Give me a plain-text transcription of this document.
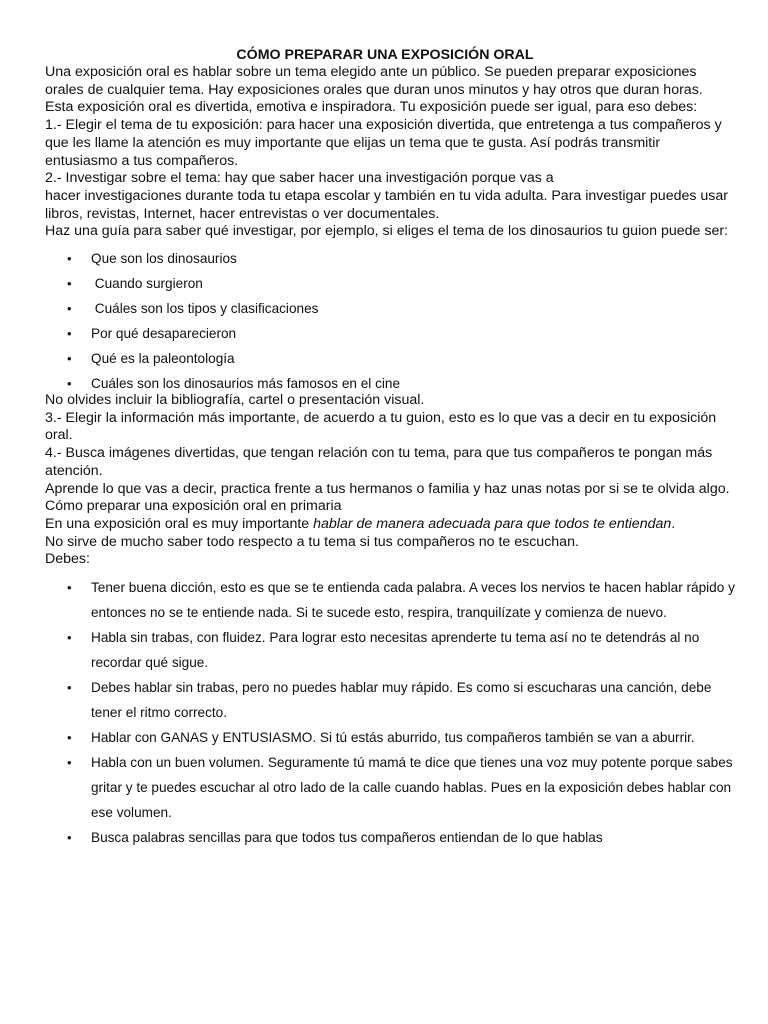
CÓMO PREPARAR UNA EXPOSICIÓN ORAL

Una exposición oral es hablar sobre un tema elegido ante un público. Se pueden preparar exposiciones orales de cualquier tema. Hay exposiciones orales que duran unos minutos y hay otros que duran horas.

Esta exposición oral es divertida, emotiva e inspiradora. Tu exposición puede ser igual, para eso debes:

1.- Elegir el tema de tu exposición: para hacer una exposición divertida, que entretenga a tus compañeros y que les llame la atención es muy importante que elijas un tema que te gusta. Así podrás transmitir entusiasmo a tus compañeros.

2.- Investigar sobre el tema: hay que saber hacer una investigación porque vas a

hacer investigaciones durante toda tu etapa escolar y también en tu vida adulta. Para investigar puedes usar libros, revistas, Internet, hacer entrevistas o ver documentales.

Haz una guía para saber qué investigar, por ejemplo, si eliges el tema de los dinosaurios tu guion puede ser:

• Que son los dinosaurios
•  Cuando surgieron
•  Cuáles son los tipos y clasificaciones
• Por qué desaparecieron
• Qué es la paleontología
• Cuáles son los dinosaurios más famosos en el cine

No olvides incluir la bibliografía, cartel o presentación visual.

3.- Elegir la información más importante, de acuerdo a tu guion, esto es lo que vas a decir en tu exposición oral.

4.- Busca imágenes divertidas, que tengan relación con tu tema, para que tus compañeros te pongan más atención.

Aprende lo que vas a decir, practica frente a tus hermanos o familia y haz unas notas por si se te olvida algo.

Cómo preparar una exposición oral en primaria

En una exposición oral es muy importante hablar de manera adecuada para que todos te entiendan.

No sirve de mucho saber todo respecto a tu tema si tus compañeros no te escuchan.

Debes:

• Tener buena dicción, esto es que se te entienda cada palabra. A veces los nervios te hacen hablar rápido y entonces no se te entiende nada. Si te sucede esto, respira, tranquilízate y comienza de nuevo.
• Habla sin trabas, con fluidez. Para lograr esto necesitas aprenderte tu tema así no te detendrás al no recordar qué sigue.
• Debes hablar sin trabas, pero no puedes hablar muy rápido. Es como si escucharas una canción, debe tener el ritmo correcto.
• Hablar con GANAS y ENTUSIASMO. Si tú estás aburrido, tus compañeros también se van a aburrir.
• Habla con un buen volumen. Seguramente tú mamá te dice que tienes una voz muy potente porque sabes gritar y te puedes escuchar al otro lado de la calle cuando hablas. Pues en la exposición debes hablar con ese volumen.
• Busca palabras sencillas para que todos tus compañeros entiendan de lo que hablas
